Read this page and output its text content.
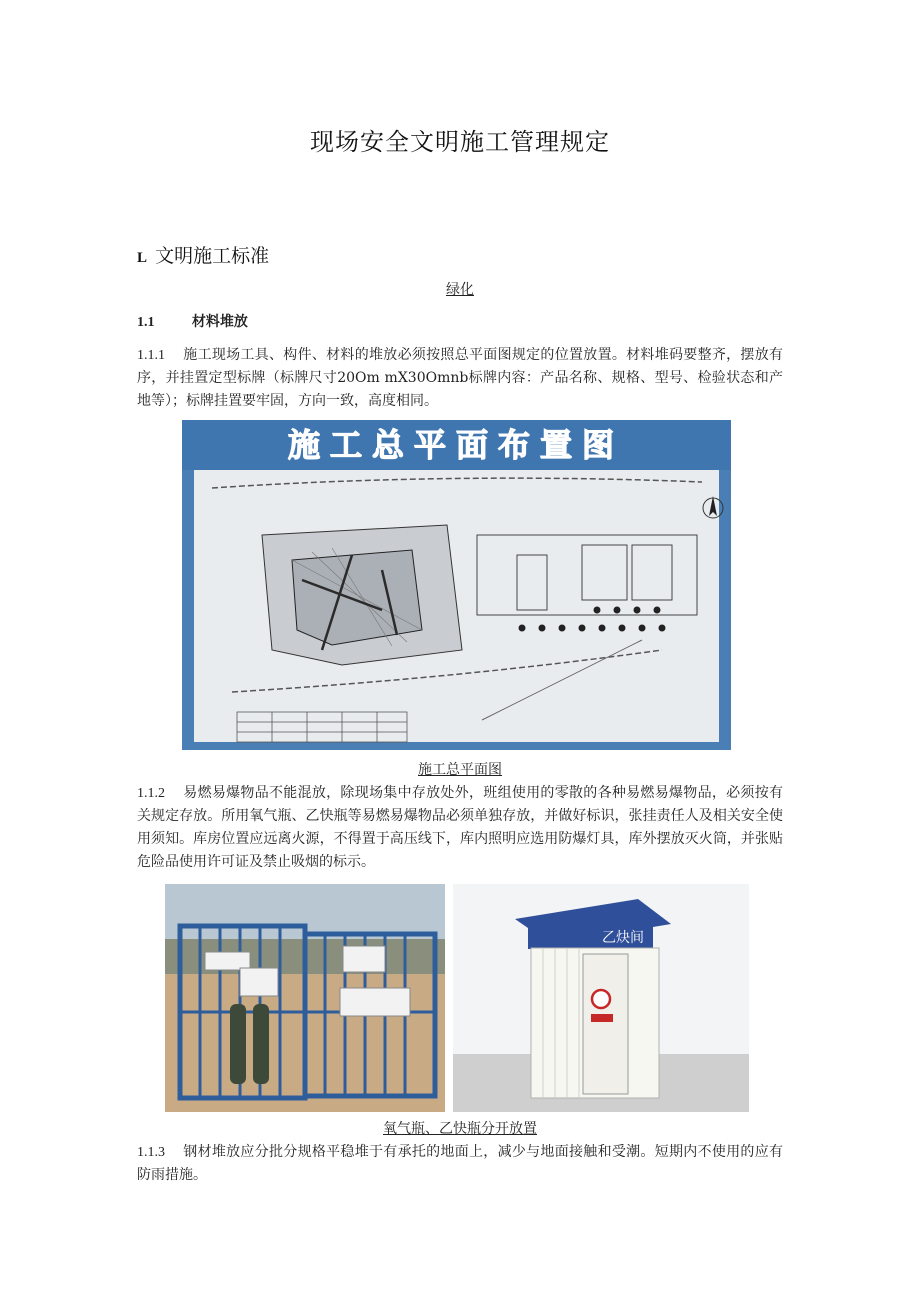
现场安全文明施工管理规定
L 文明施工标准
绿化
1.1	材料堆放
1.1.1 施工现场工具、构件、材料的堆放必须按照总平面图规定的位置放置。材料堆码要整齐，摆放有序，并挂置定型标牌（标牌尺寸20Om mX30Omnb标牌内容：产品名称、规格、型号、检验状态和产地等）；标牌挂置要牢固，方向一致，高度相同。
施工总平面布置图
施工总平面图
1.1.2 易燃易爆物品不能混放，除现场集中存放处外，班组使用的零散的各种易燃易爆物品，必须按有关规定存放。所用氧气瓶、乙快瓶等易燃易爆物品必须单独存放，并做好标识，张挂责任人及相关安全使用须知。库房位置应远离火源，不得置于高压线下，库内照明应选用防爆灯具，库外摆放灭火筒，并张贴危险品使用许可证及禁止吸烟的标示。
乙炔间
氧气瓶、乙快瓶分开放置
1.1.3 钢材堆放应分批分规格平稳堆于有承托的地面上，减少与地面接触和受潮。短期内不使用的应有防雨措施。
